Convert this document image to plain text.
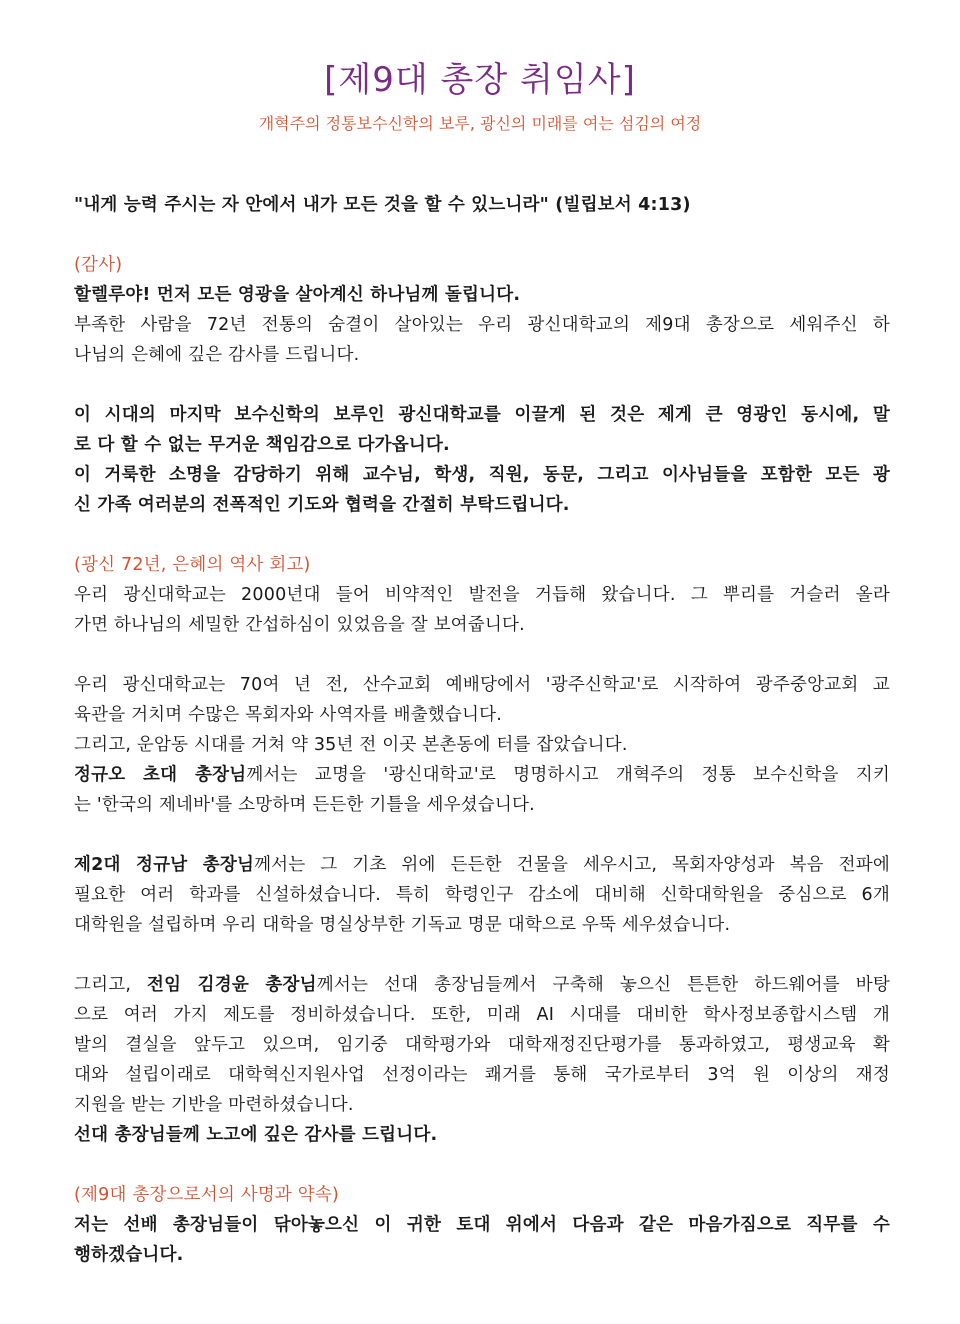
[제9대 총장 취임사]
개혁주의 정통보수신학의 보루, 광신의 미래를 여는 섬김의 여정
"내게 능력 주시는 자 안에서 내가 모든 것을 할 수 있느니라" (빌립보서 4:13)
(감사)
할렐루야! 먼저 모든 영광을 살아계신 하나님께 돌립니다.
부족한 사람을 72년 전통의 숨결이 살아있는 우리 광신대학교의 제9대 총장으로 세워주신 하
나님의 은혜에 깊은 감사를 드립니다.
이 시대의 마지막 보수신학의 보루인 광신대학교를 이끌게 된 것은 제게 큰 영광인 동시에, 말
로 다 할 수 없는 무거운 책임감으로 다가옵니다.
이 거룩한 소명을 감당하기 위해 교수님, 학생, 직원, 동문, 그리고 이사님들을 포함한 모든 광
신 가족 여러분의 전폭적인 기도와 협력을 간절히 부탁드립니다.
(광신 72년, 은혜의 역사 회고)
우리 광신대학교는 2000년대 들어 비약적인 발전을 거듭해 왔습니다. 그 뿌리를 거슬러 올라
가면 하나님의 세밀한 간섭하심이 있었음을 잘 보여줍니다.
우리 광신대학교는 70여 년 전, 산수교회 예배당에서 '광주신학교'로 시작하여 광주중앙교회 교
육관을 거치며 수많은 목회자와 사역자를 배출했습니다.
그리고, 운암동 시대를 거쳐 약 35년 전 이곳 본촌동에 터를 잡았습니다.
정규오 초대 총장님께서는 교명을 '광신대학교'로 명명하시고 개혁주의 정통 보수신학을 지키
는 '한국의 제네바'를 소망하며 든든한 기틀을 세우셨습니다.
제2대 정규남 총장님께서는 그 기초 위에 든든한 건물을 세우시고, 목회자양성과 복음 전파에
필요한 여러 학과를 신설하셨습니다. 특히 학령인구 감소에 대비해 신학대학원을 중심으로 6개
대학원을 설립하며 우리 대학을 명실상부한 기독교 명문 대학으로 우뚝 세우셨습니다.
그리고, 전임 김경윤 총장님께서는 선대 총장님들께서 구축해 놓으신 튼튼한 하드웨어를 바탕
으로 여러 가지 제도를 정비하셨습니다. 또한, 미래 AI 시대를 대비한 학사정보종합시스템 개
발의 결실을 앞두고 있으며, 임기중 대학평가와 대학재정진단평가를 통과하였고, 평생교육 확
대와 설립이래로 대학혁신지원사업 선정이라는 쾌거를 통해 국가로부터 3억 원 이상의 재정
지원을 받는 기반을 마련하셨습니다.
선대 총장님들께 노고에 깊은 감사를 드립니다.
(제9대 총장으로서의 사명과 약속)
저는 선배 총장님들이 닦아놓으신 이 귀한 토대 위에서 다음과 같은 마음가짐으로 직무를 수
행하겠습니다.
